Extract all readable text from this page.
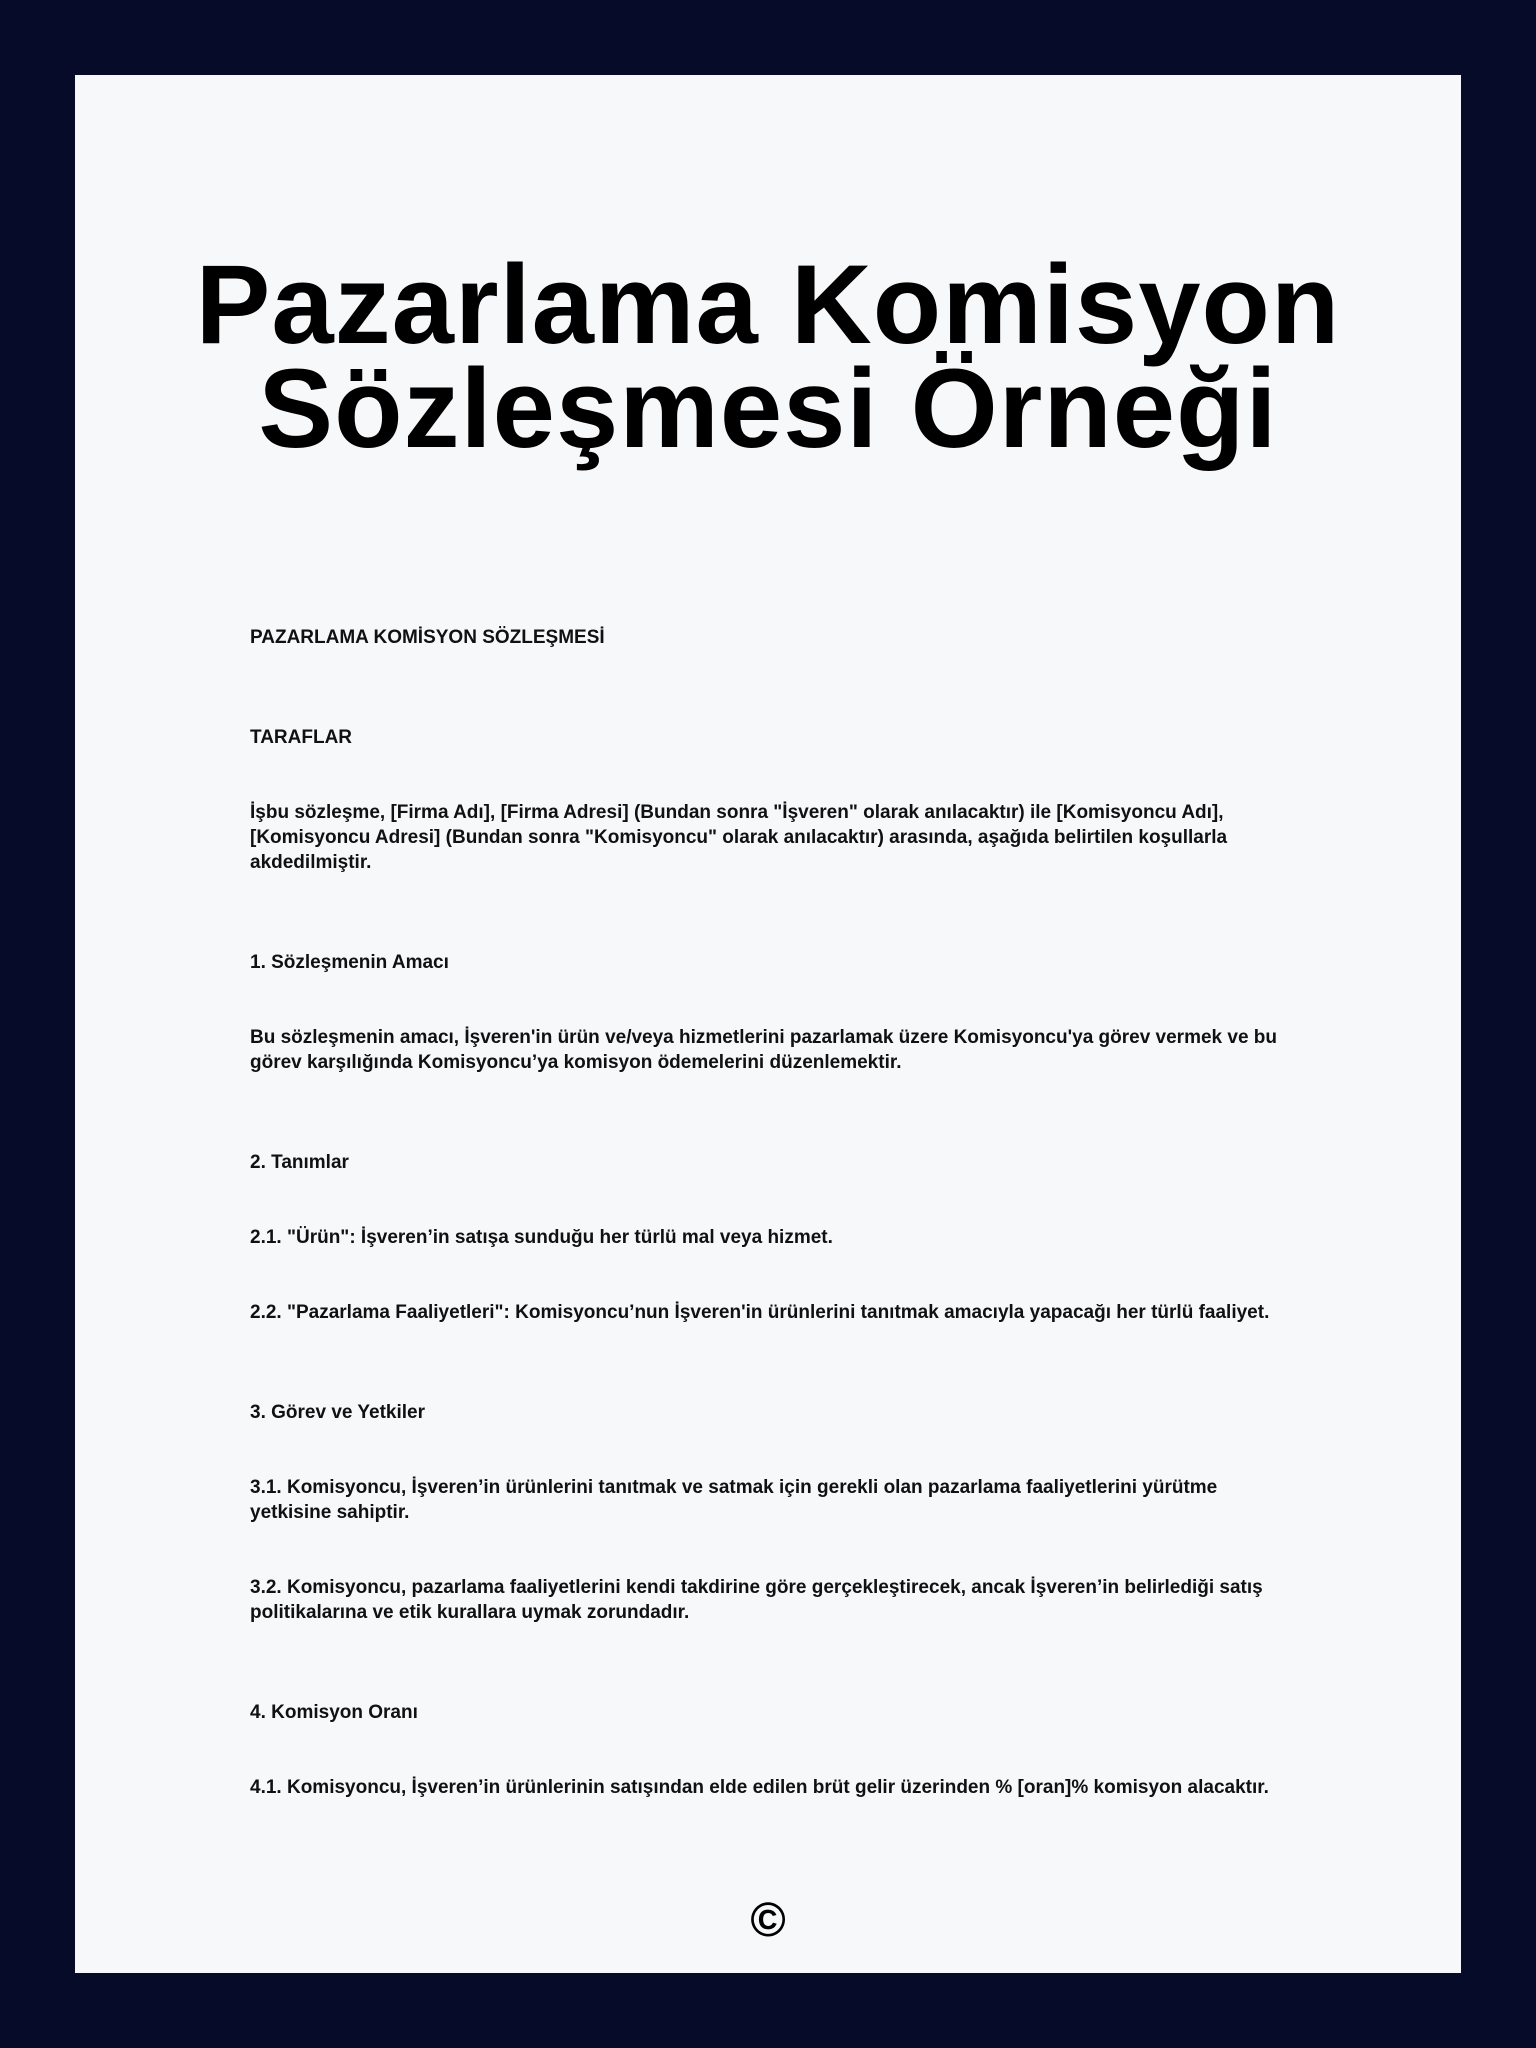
Pazarlama Komisyon
Sözleşmesi Örneği

PAZARLAMA KOMİSYON SÖZLEŞMESİ

TARAFLAR

İşbu sözleşme, [Firma Adı], [Firma Adresi] (Bundan sonra "İşveren" olarak anılacaktır) ile [Komisyoncu Adı], [Komisyoncu Adresi] (Bundan sonra "Komisyoncu" olarak anılacaktır) arasında, aşağıda belirtilen koşullarla akdedilmiştir.

1. Sözleşmenin Amacı

Bu sözleşmenin amacı, İşveren'in ürün ve/veya hizmetlerini pazarlamak üzere Komisyoncu'ya görev vermek ve bu görev karşılığında Komisyoncu’ya komisyon ödemelerini düzenlemektir.

2. Tanımlar

2.1. "Ürün": İşveren’in satışa sunduğu her türlü mal veya hizmet.

2.2. "Pazarlama Faaliyetleri": Komisyoncu’nun İşveren'in ürünlerini tanıtmak amacıyla yapacağı her türlü faaliyet.

3. Görev ve Yetkiler

3.1. Komisyoncu, İşveren’in ürünlerini tanıtmak ve satmak için gerekli olan pazarlama faaliyetlerini yürütme yetkisine sahiptir.

3.2. Komisyoncu, pazarlama faaliyetlerini kendi takdirine göre gerçekleştirecek, ancak İşveren’in belirlediği satış politikalarına ve etik kurallara uymak zorundadır.

4. Komisyon Oranı

4.1. Komisyoncu, İşveren’in ürünlerinin satışından elde edilen brüt gelir üzerinden % [oran]% komisyon alacaktır.

©
